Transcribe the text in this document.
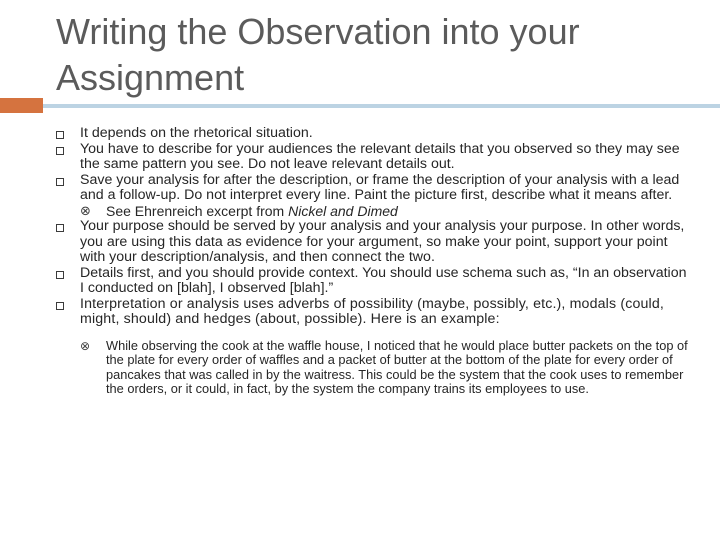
Writing the Observation into your Assignment
It depends on the rhetorical situation.
You have to describe for your audiences the relevant details that you observed so they may see the same pattern you see. Do not leave relevant details out.
Save your analysis for after the description, or frame the description of your analysis with a lead and a follow-up. Do not interpret every line. Paint the picture first, describe what it means after.
⊗ See Ehrenreich excerpt from Nickel and Dimed
Your purpose should be served by your analysis and your analysis your purpose. In other words, you are using this data as evidence for your argument, so make your point, support your point with your description/analysis, and then connect the two.
Details first, and you should provide context. You should use schema such as, “In an observation I conducted on [blah], I observed [blah].”
Interpretation or analysis uses adverbs of possibility (maybe, possibly, etc.), modals (could, might, should) and hedges (about, possible). Here is an example:
⊗ While observing the cook at the waffle house, I noticed that he would place butter packets on the top of the plate for every order of waffles and a packet of butter at the bottom of the plate for every order of pancakes that was called in by the waitress. This could be the system that the cook uses to remember the orders, or it could, in fact, by the system the company trains its employees to use.
